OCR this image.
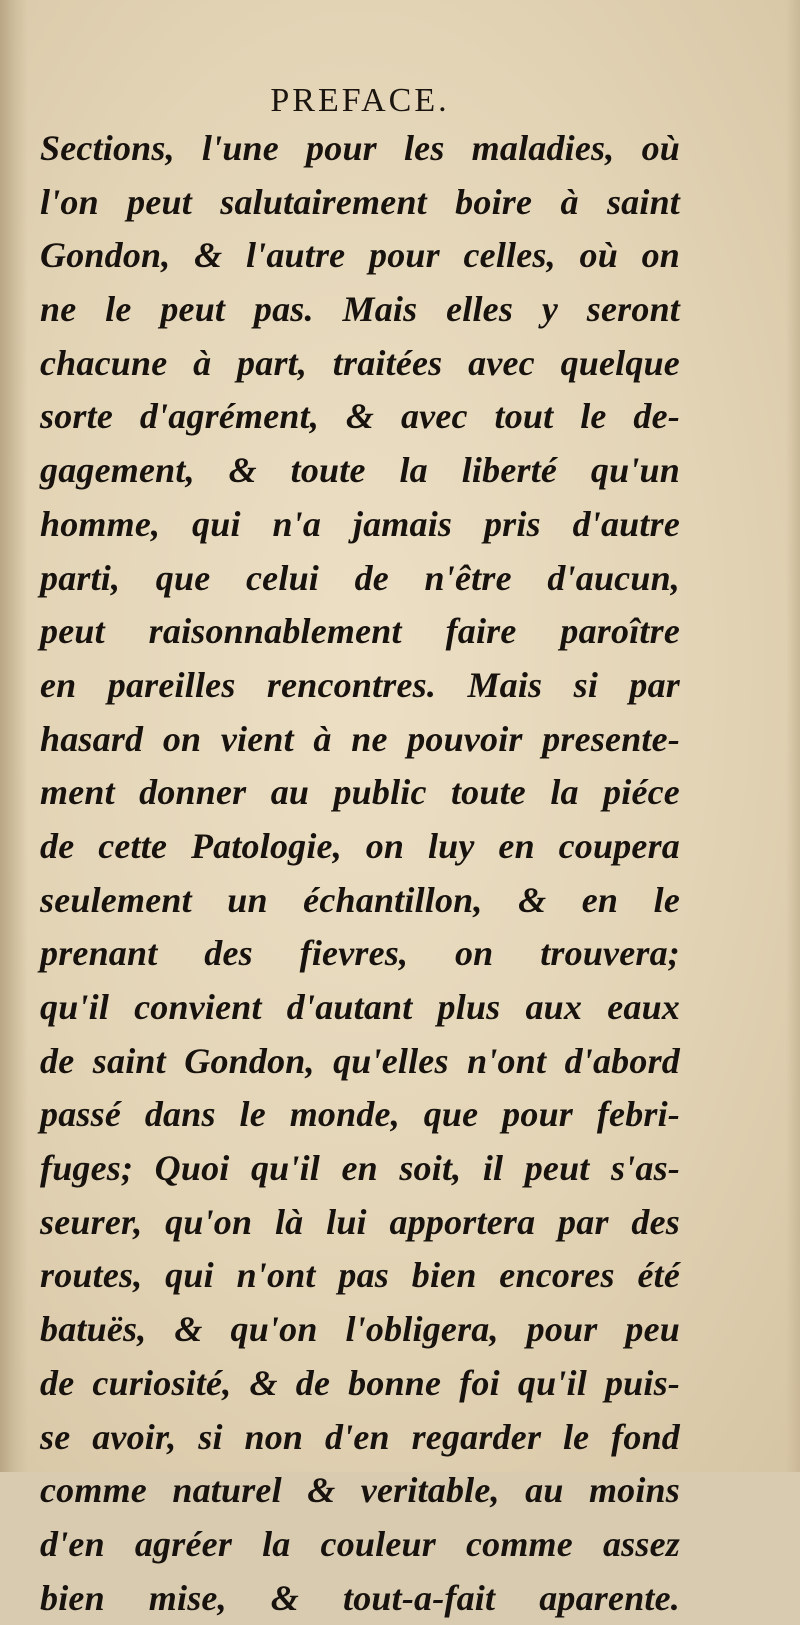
PREFACE.
Sections, l'une pour les maladies, où
l'on peut salutairement boire à saint
Gondon, & l'autre pour celles, où on
ne le peut pas. Mais elles y seront
chacune à part, traitées avec quelque
sorte d'agrément, & avec tout le de-
gagement, & toute la liberté qu'un
homme, qui n'a jamais pris d'autre
parti, que celui de n'être d'aucun,
peut raisonnablement faire paroître
en pareilles rencontres. Mais si par
hasard on vient à ne pouvoir presente-
ment donner au public toute la piéce
de cette Patologie, on luy en coupera
seulement un échantillon, & en le
prenant des fievres, on trouvera;
qu'il convient d'autant plus aux eaux
de saint Gondon, qu'elles n'ont d'abord
passé dans le monde, que pour febri-
fuges; Quoi qu'il en soit, il peut s'as-
seurer, qu'on là lui apportera par des
routes, qui n'ont pas bien encores été
batuës, & qu'on l'obligera, pour peu
de curiosité, & de bonne foi qu'il puis-
se avoir, si non d'en regarder le fond
comme naturel & veritable, au moins
d'en agréer la couleur comme assez
bien mise, & tout-a-fait aparente.
